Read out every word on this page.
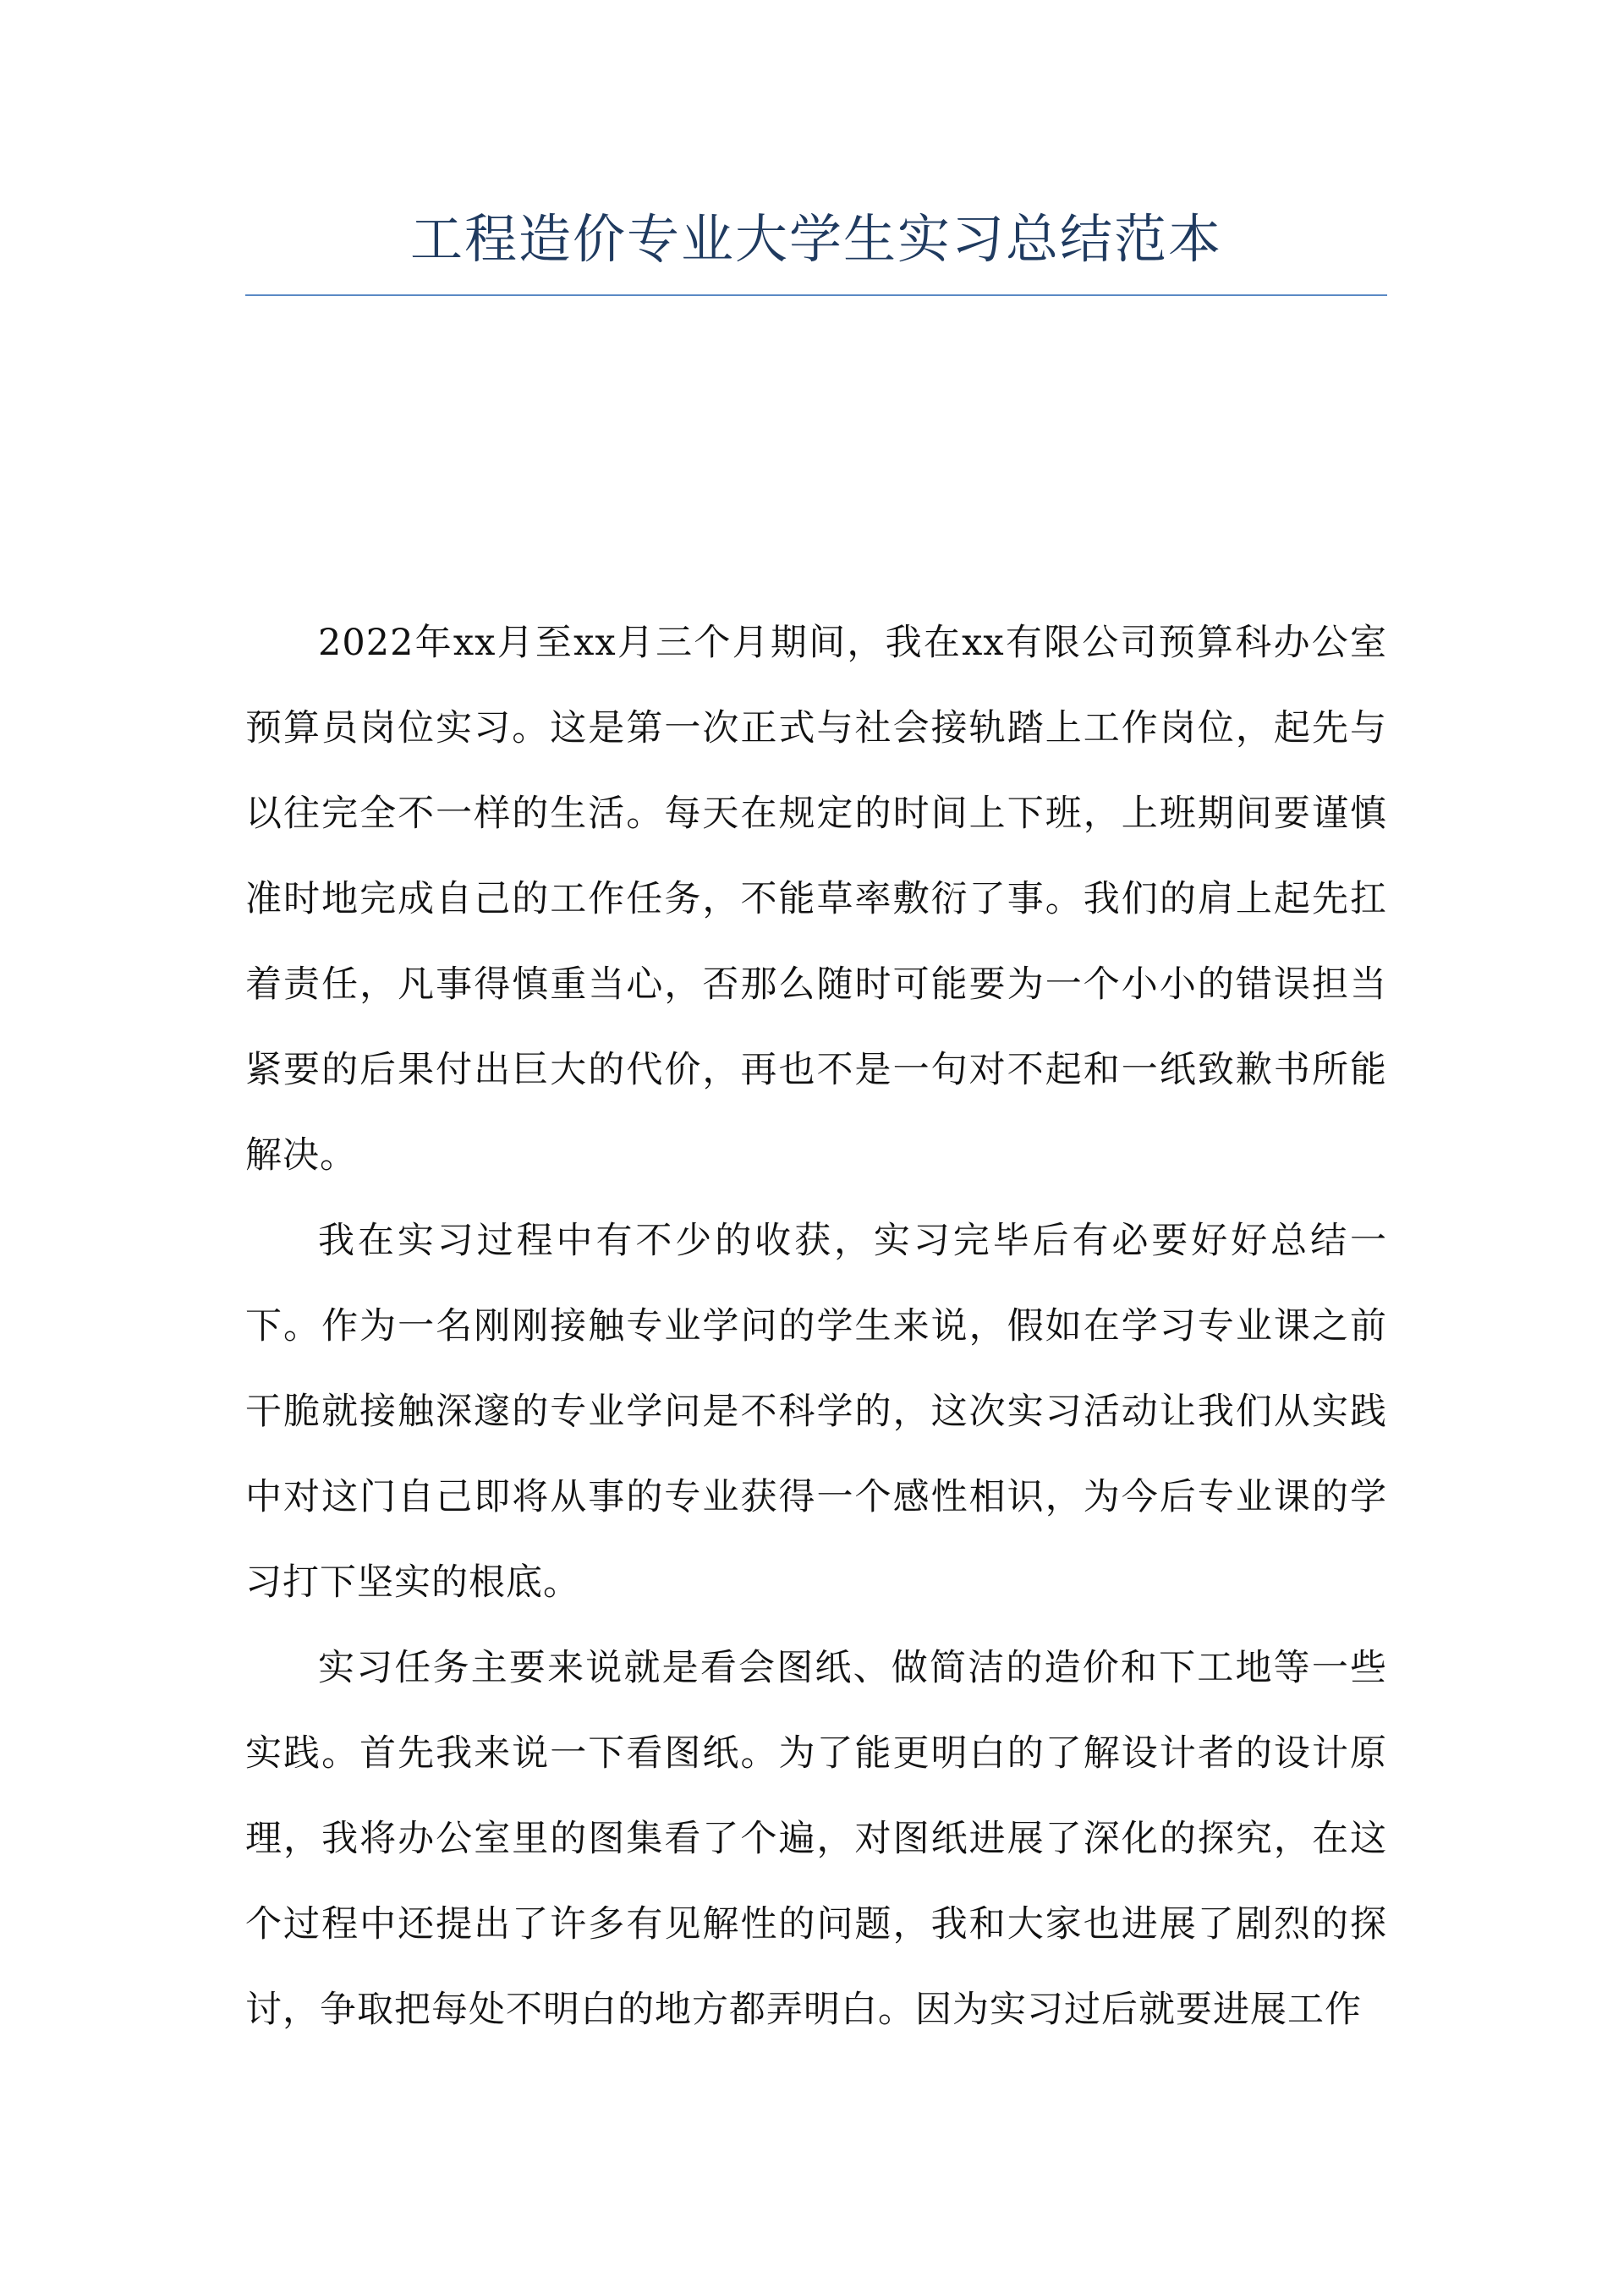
工程造价专业大学生实习总结范本

2022年xx月至xx月三个月期间，我在xx有限公司预算科办公室预算员岗位实习。这是第一次正式与社会接轨踏上工作岗位，起先与以往完全不一样的生活。每天在规定的时间上下班，上班期间要谨慎准时地完成自己的工作任务，不能草率敷衍了事。我们的肩上起先扛着责任，凡事得慎重当心，否那么随时可能要为一个小小的错误担当紧要的后果付出巨大的代价，再也不是一句对不起和一纸致歉书所能解决。

我在实习过程中有不少的收获，实习完毕后有必要好好总结一下。作为一名刚刚接触专业学问的学生来说，假如在学习专业课之前干脆就接触深邃的专业学问是不科学的，这次实习活动让我们从实践中对这门自己即将从事的专业获得一个感性相识，为今后专业课的学习打下坚实的根底。

实习任务主要来说就是看会图纸、做简洁的造价和下工地等一些实践。首先我来说一下看图纸。为了能更明白的了解设计者的设计原理，我将办公室里的图集看了个遍，对图纸进展了深化的探究，在这个过程中还提出了许多有见解性的问题，我和大家也进展了剧烈的探讨，争取把每处不明白的地方都弄明白。因为实习过后就要进展工作
